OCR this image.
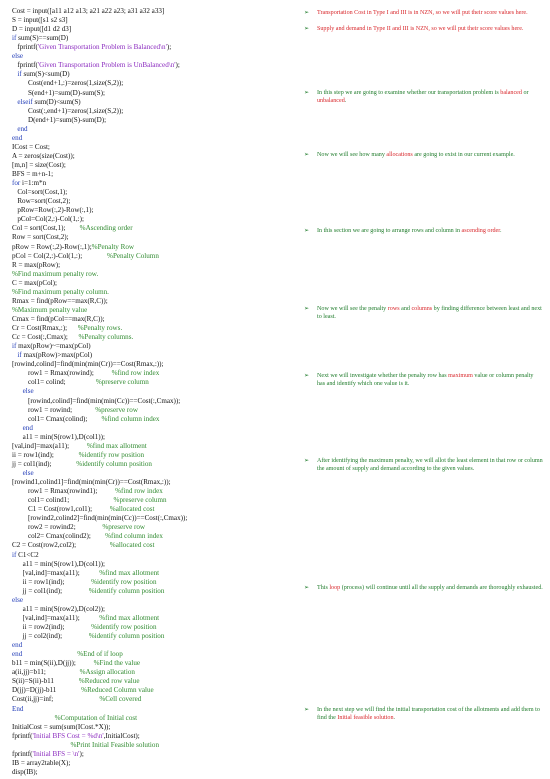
Cost = input([a11 a12 a13; a21 a22 a23; a31 a32 a33]
S = input([s1 s2 s3]
D = input([d1 d2 d3]
if sum(S)==sum(D)
fprintf('Given Transportation Problem is Balanced\n');
else
fprintf('Given Transportation Problem is UnBalanced\n');
if sum(S)<sum(D)
Cost(end+1,:)=zeros(1,size(S,2));
S(end+1)=sum(D)-sum(S);
elseif sum(D)<sum(S)
Cost(:,end+1)=zeros(1,size(S,2));
D(end+1)=sum(S)-sum(D);
end
end
ICost = Cost;
A = zeros(size(Cost));
[m,n] = size(Cost);
BFS = m+n-1;
for i=1:m*n
Col=sort(Cost,1);
Row=sort(Cost,2);
pRow=Row(:,2)-Row(:,1);
pCol=Col(2,:)-Col(1,:);
Col = sort(Cost,1);        %Ascending order
Row = sort(Cost,2);
pRow = Row(:,2)-Row(:,1);%Penalty Row
pCol = Col(2,:)-Col(1,:);              %Penalty Column
R = max(pRow);
%Find maximum penalty row.
C = max(pCol);
%Find maximum penalty column.
Rmax = find(pRow==max(R,C));
%Maximum penalty value
Cmax = find(pCol==max(R,C));
Cr = Cost(Rmax,:);      %Penalty rows.
Cc = Cost(:,Cmax);      %Penalty columns.
if max(pRow)~=max(pCol)
if max(pRow)>max(pCol)
[rowind,colind]=find(min(min(Cr))==Cost(Rmax,:));
row1 = Rmax(rowind);          %find row index
col1= colind;                 %preserve column
else
[rowind,colind]=find(min(min(Cc))==Cost(:,Cmax));
row1 = rowind;             %preserve row
col1= Cmax(colind);        %find column index
end
a11 = min(S(row1),D(col1));
[val,ind]=max(a11);          %find max allotment
ii = row1(ind);              %identify row position
jj = col1(ind);              %identify column position
else
[rowind1,colind1]=find(min(min(Cr))==Cost(Rmax,:));
row1 = Rmax(rowind1);          %find row index
col1= colind1;                         %preserve column
C1 = Cost(row1,col1);          %allocated cost
[rowind2,colind2]=find(min(min(Cc))==Cost(:,Cmax));
row2 = rowind2;               %preserve row
col2= Cmax(colind2);        %find column index
C2 = Cost(row2,col2);                   %allocated cost
if C1<C2
a11 = min(S(row1),D(col1));
[val,ind]=max(a11);           %find max allotment
ii = row1(ind);               %identify row position
jj = col1(ind);               %identify column position
else
a11 = min(S(row2),D(col2));
[val,ind]=max(a11);           %find max allotment
ii = row2(ind);               %identify row position
jj = col2(ind);               %identify column position
end
end                               %End of if loop
b11 = min(S(ii),D(jj));          %Find the value
a(ii,jj)=b11;                   %Assign allocation
S(ii)=S(ii)-b11              %Reduced row value
D(jj)=D(jj)-b11              %Reduced Column value
Cost(ii,jj)=inf;                          %Cell covered
End
%Computation of Initial cost
InitialCost = sum(sum(ICost.*X));
fprintf('Initial BFS Cost = %d\n',InitialCost);
%Print Initial Feasible solution
fprintf('Initial BFS = \n');
IB = array2table(X);
disp(IB);
➢ Transportation Cost in Type I and III is in NZN, so we will put their score values here.
➢ Supply and demand in Type II and III is NZN, so we will put their score values here.
➢ In this step we are going to examine whether our transportation problem is balanced or unbalanced.
➢ Now we will see how many allocations are going to exist in our current example.
➢ In this section we are going to arrange rows and column in ascending order.
➢ Now we will see the penalty rows and columns by finding difference between least and next to least.
➢ Next we will investigate whether the penalty row has maximum value or column penalty has and identify which one value is it.
➢ After identifying the maximum penalty, we will allot the least element in that row or column the amount of supply and demand according to the given values.
➢ This loop (process) will continue until all the supply and demands are thoroughly exhausted.
➢ In the next step we will find the initial transportation cost of the allotments and add them to find the Initial feasible solution.
